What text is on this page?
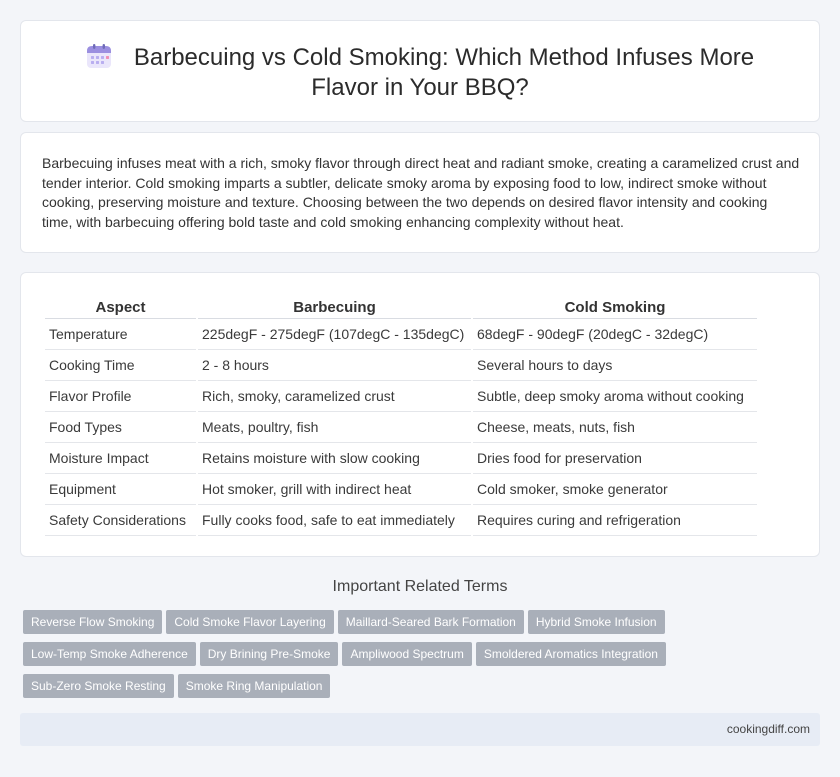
Barbecuing vs Cold Smoking: Which Method Infuses More Flavor in Your BBQ?

Barbecuing infuses meat with a rich, smoky flavor through direct heat and radiant smoke, creating a caramelized crust and tender interior. Cold smoking imparts a subtler, delicate smoky aroma by exposing food to low, indirect smoke without cooking, preserving moisture and texture. Choosing between the two depends on desired flavor intensity and cooking time, with barbecuing offering bold taste and cold smoking enhancing complexity without heat.

Aspect	Barbecuing	Cold Smoking
Temperature	225degF - 275degF (107degC - 135degC)	68degF - 90degF (20degC - 32degC)
Cooking Time	2 - 8 hours	Several hours to days
Flavor Profile	Rich, smoky, caramelized crust	Subtle, deep smoky aroma without cooking
Food Types	Meats, poultry, fish	Cheese, meats, nuts, fish
Moisture Impact	Retains moisture with slow cooking	Dries food for preservation
Equipment	Hot smoker, grill with indirect heat	Cold smoker, smoke generator
Safety Considerations	Fully cooks food, safe to eat immediately	Requires curing and refrigeration
Important Related Terms
Reverse Flow Smoking Cold Smoke Flavor Layering Maillard-Seared Bark Formation Hybrid Smoke Infusion
Low-Temp Smoke Adherence Dry Brining Pre-Smoke Ampliwood Spectrum Smoldered Aromatics Integration
Sub-Zero Smoke Resting Smoke Ring Manipulation
cookingdiff.com
